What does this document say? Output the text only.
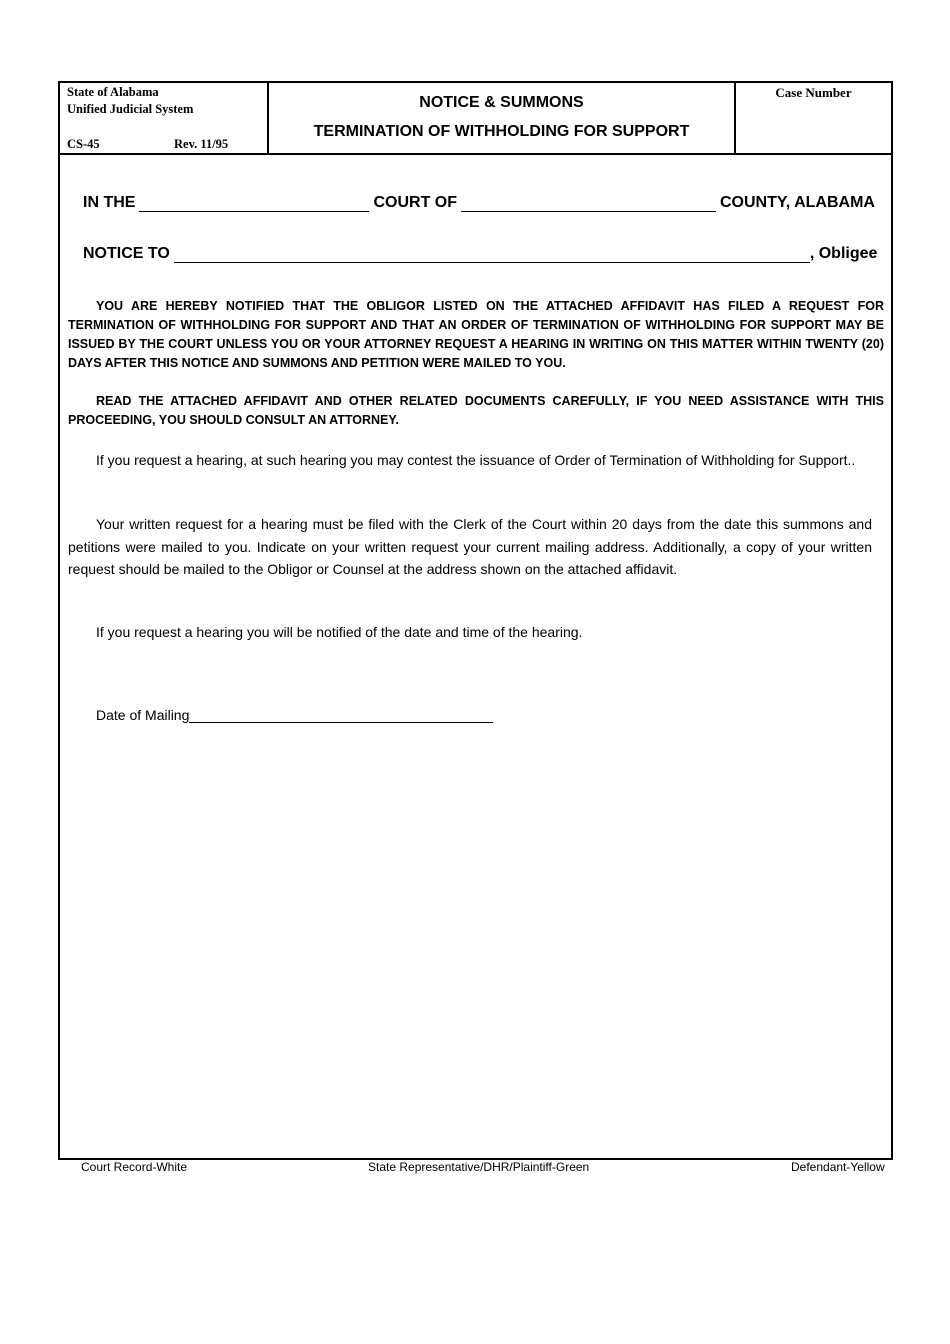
State of Alabama
Unified Judicial System
CS-45	Rev. 11/95
NOTICE & SUMMONS
TERMINATION OF WITHHOLDING FOR SUPPORT
Case Number
IN THE	COURT OF	COUNTY, ALABAMA
NOTICE TO	, Obligee
YOU ARE HEREBY NOTIFIED THAT THE OBLIGOR LISTED ON THE ATTACHED AFFIDAVIT HAS FILED A REQUEST FOR TERMINATION OF WITHHOLDING FOR SUPPORT AND THAT AN ORDER OF TERMINATION OF WITHHOLDING FOR SUPPORT MAY BE ISSUED BY THE COURT UNLESS YOU OR YOUR ATTORNEY REQUEST A HEARING IN WRITING ON THIS MATTER WITHIN TWENTY (20) DAYS AFTER THIS NOTICE AND SUMMONS AND PETITION WERE MAILED TO YOU.
READ THE ATTACHED AFFIDAVIT AND OTHER RELATED DOCUMENTS CAREFULLY, IF YOU NEED ASSISTANCE WITH THIS PROCEEDING, YOU SHOULD CONSULT AN ATTORNEY.
If you request a hearing, at such hearing you may contest the issuance of Order of Termination of Withholding for Support..
Your written request for a hearing must be filed with the Clerk of the Court within 20 days from the date this summons and petitions were mailed to you. Indicate on your written request your current mailing address. Additionally, a copy of your written request should be mailed to the Obligor or Counsel at the address shown on the attached affidavit.
If you request a hearing you will be notified of the date and time of the hearing.
Date of Mailing
Court Record-White	State Representative/DHR/Plaintiff-Green	Defendant-Yellow
